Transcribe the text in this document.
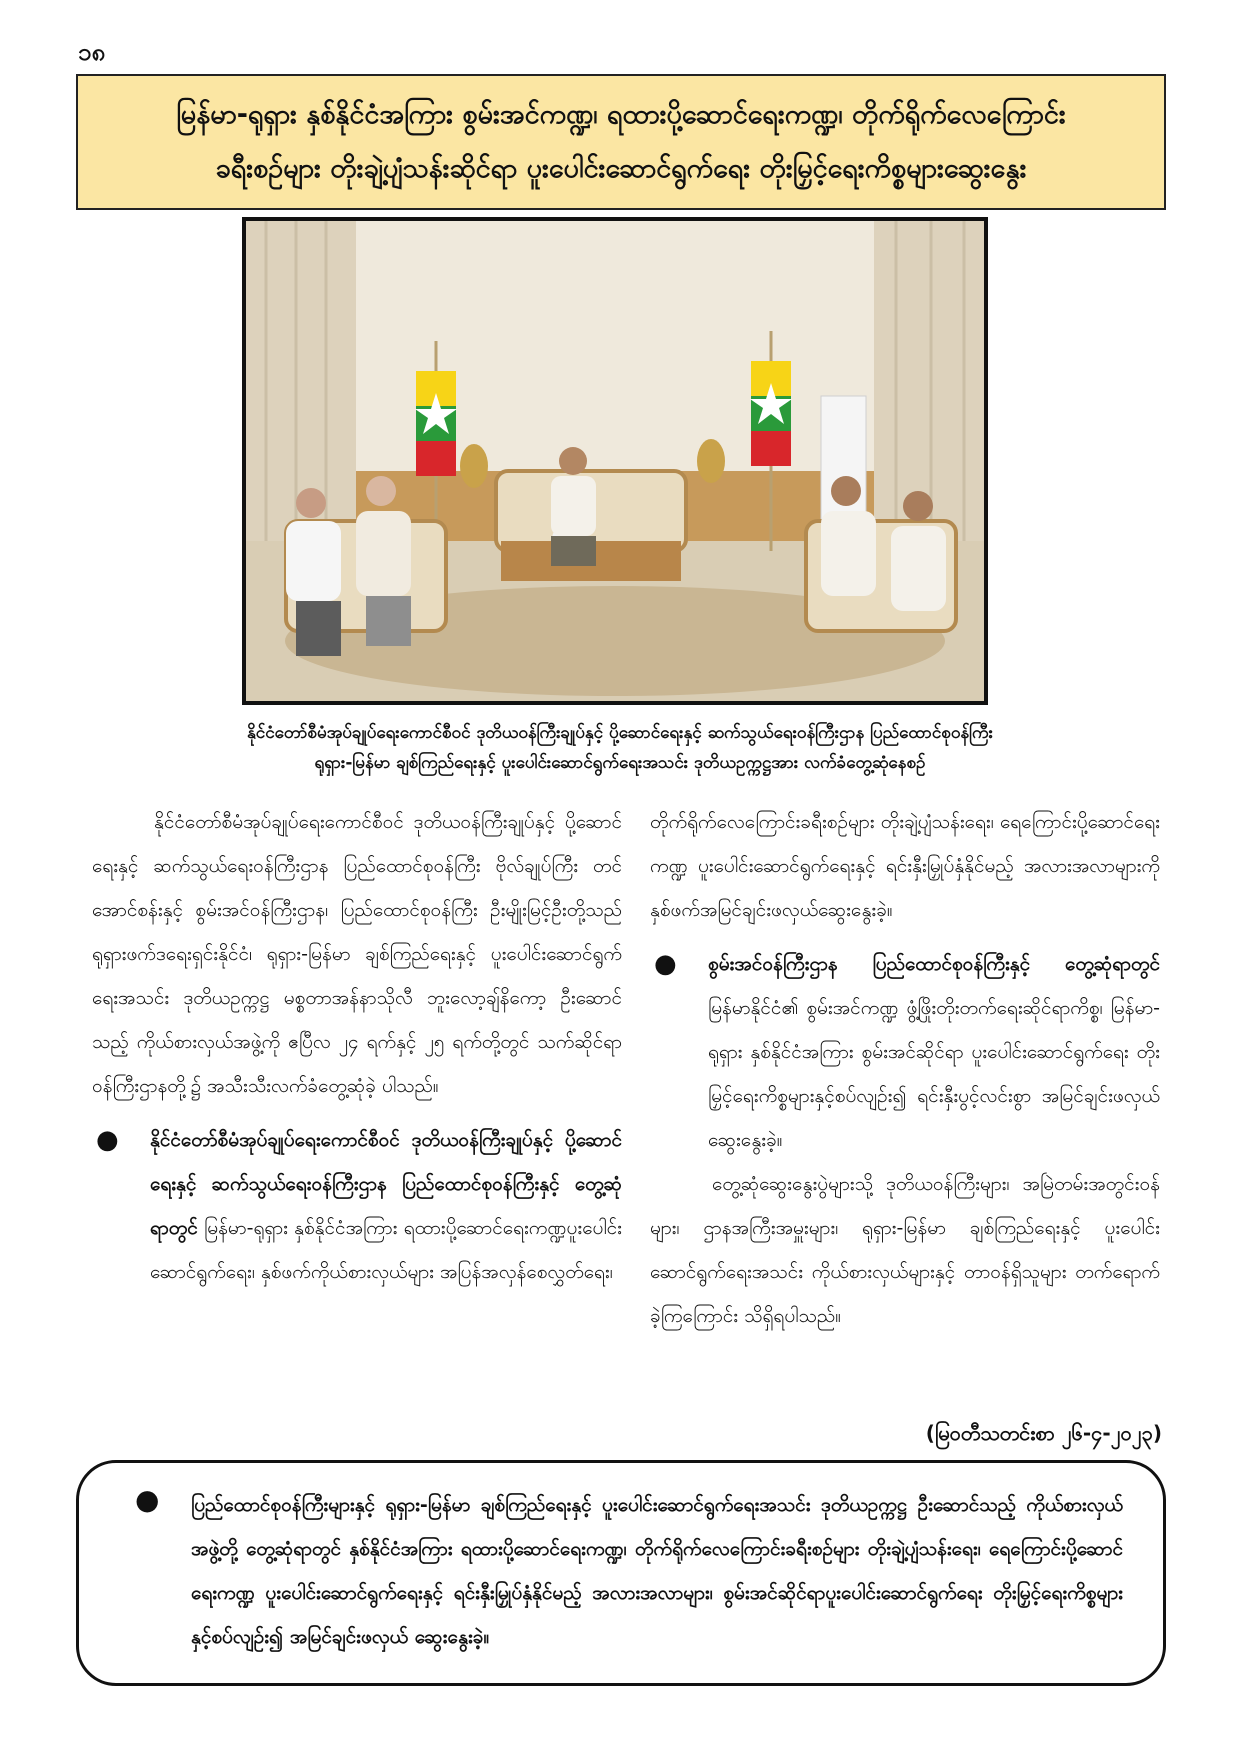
၁၈
မြန်မာ-ရုရှား နှစ်နိုင်ငံအကြား စွမ်းအင်ကဏ္ဍ၊ ရထားပို့ဆောင်ရေးကဏ္ဍ၊ တိုက်ရိုက်လေကြောင်း
ခရီးစဉ်များ တိုးချဲ့ပျံသန်းဆိုင်ရာ ပူးပေါင်းဆောင်ရွက်ရေး တိုးမြှင့်ရေးကိစ္စများဆွေးနွေး
နိုင်ငံတော်စီမံအုပ်ချုပ်ရေးကောင်စီဝင် ဒုတိယဝန်ကြီးချုပ်နှင့် ပို့ဆောင်ရေးနှင့် ဆက်သွယ်ရေးဝန်ကြီးဌာန ပြည်ထောင်စုဝန်ကြီး
ရုရှား-မြန်မာ ချစ်ကြည်ရေးနှင့် ပူးပေါင်းဆောင်ရွက်ရေးအသင်း ဒုတိယဥက္ကဋ္ဌအား လက်ခံတွေ့ဆုံနေစဉ်

နိုင်ငံတော်စီမံအုပ်ချုပ်ရေးကောင်စီဝင် ဒုတိယဝန်ကြီးချုပ်နှင့် ပို့ဆောင်ရေးနှင့် ဆက်သွယ်ရေးဝန်ကြီးဌာန ပြည်ထောင်စုဝန်ကြီး ဗိုလ်ချုပ်ကြီး တင်အောင်စန်းနှင့် စွမ်းအင်ဝန်ကြီးဌာန၊ ပြည်ထောင်စုဝန်ကြီး ဦးမျိုးမြင့်ဦးတို့သည် ရုရှားဖက်ဒရေးရှင်းနိုင်ငံ၊ ရုရှား-မြန်မာ ချစ်ကြည်ရေးနှင့် ပူးပေါင်းဆောင်ရွက်ရေးအသင်း ဒုတိယဥက္ကဋ္ဌ မစ္စတာအန်နာသိုလီ ဘူးလော့ချ်နိကော့ ဦးဆောင်သည့် ကိုယ်စားလှယ်အဖွဲ့ကို ဧပြီလ ၂၄ ရက်နှင့် ၂၅ ရက်တို့တွင် သက်ဆိုင်ရာဝန်ကြီးဌာနတို့၌ အသီးသီးလက်ခံတွေ့ဆုံခဲ့ ပါသည်။

● နိုင်ငံတော်စီမံအုပ်ချုပ်ရေးကောင်စီဝင် ဒုတိယဝန်ကြီးချုပ်နှင့် ပို့ဆောင်ရေးနှင့် ဆက်သွယ်ရေးဝန်ကြီးဌာန ပြည်ထောင်စုဝန်ကြီးနှင့် တွေ့ဆုံရာတွင် မြန်မာ-ရုရှား နှစ်နိုင်ငံအကြား ရထားပို့ဆောင်ရေးကဏ္ဍပူးပေါင်းဆောင်ရွက်ရေး၊ နှစ်ဖက်ကိုယ်စားလှယ်များ အပြန်အလှန်စေလွှတ်ရေး၊

တိုက်ရိုက်လေကြောင်းခရီးစဉ်များ တိုးချဲ့ပျံသန်းရေး၊ ရေကြောင်းပို့ဆောင်ရေးကဏ္ဍ ပူးပေါင်းဆောင်ရွက်ရေးနှင့် ရင်းနှီးမြှုပ်နှံနိုင်မည့် အလားအလာများကို နှစ်ဖက်အမြင်ချင်းဖလှယ်ဆွေးနွေးခဲ့။

● စွမ်းအင်ဝန်ကြီးဌာန ပြည်ထောင်စုဝန်ကြီးနှင့် တွေ့ဆုံရာတွင် မြန်မာနိုင်ငံ၏ စွမ်းအင်ကဏ္ဍ ဖွံ့ဖြိုးတိုးတက်ရေးဆိုင်ရာကိစ္စ၊ မြန်မာ-ရုရှား နှစ်နိုင်ငံအကြား စွမ်းအင်ဆိုင်ရာ ပူးပေါင်းဆောင်ရွက်ရေး တိုးမြှင့်ရေးကိစ္စများနှင့်စပ်လျဉ်း၍ ရင်းနှီးပွင့်လင်းစွာ အမြင်ချင်းဖလှယ် ဆွေးနွေးခဲ့။

တွေ့ဆုံဆွေးနွေးပွဲများသို့ ဒုတိယဝန်ကြီးများ၊ အမြဲတမ်းအတွင်းဝန်များ၊ ဌာနအကြီးအမှူးများ၊ ရုရှား-မြန်မာ ချစ်ကြည်ရေးနှင့် ပူးပေါင်းဆောင်ရွက်ရေးအသင်း ကိုယ်စားလှယ်များနှင့် တာဝန်ရှိသူများ တက်ရောက်ခဲ့ကြကြောင်း သိရှိရပါသည်။

(မြဝတီသတင်းစာ ၂၆-၄-၂၀၂၃)
● ပြည်ထောင်စုဝန်ကြီးများနှင့် ရုရှား-မြန်မာ ချစ်ကြည်ရေးနှင့် ပူးပေါင်းဆောင်ရွက်ရေးအသင်း ဒုတိယဥက္ကဋ္ဌ ဦးဆောင်သည့် ကိုယ်စားလှယ်အဖွဲ့တို့ တွေ့ဆုံရာတွင် နှစ်နိုင်ငံအကြား ရထားပို့ဆောင်ရေးကဏ္ဍ၊ တိုက်ရိုက်လေကြောင်းခရီးစဉ်များ တိုးချဲ့ပျံသန်းရေး၊ ရေကြောင်းပို့ဆောင်ရေးကဏ္ဍ ပူးပေါင်းဆောင်ရွက်ရေးနှင့် ရင်းနှီးမြှုပ်နှံနိုင်မည့် အလားအလာများ၊ စွမ်းအင်ဆိုင်ရာပူးပေါင်းဆောင်ရွက်ရေး တိုးမြှင့်ရေးကိစ္စများနှင့်စပ်လျဉ်း၍ အမြင်ချင်းဖလှယ် ဆွေးနွေးခဲ့။
